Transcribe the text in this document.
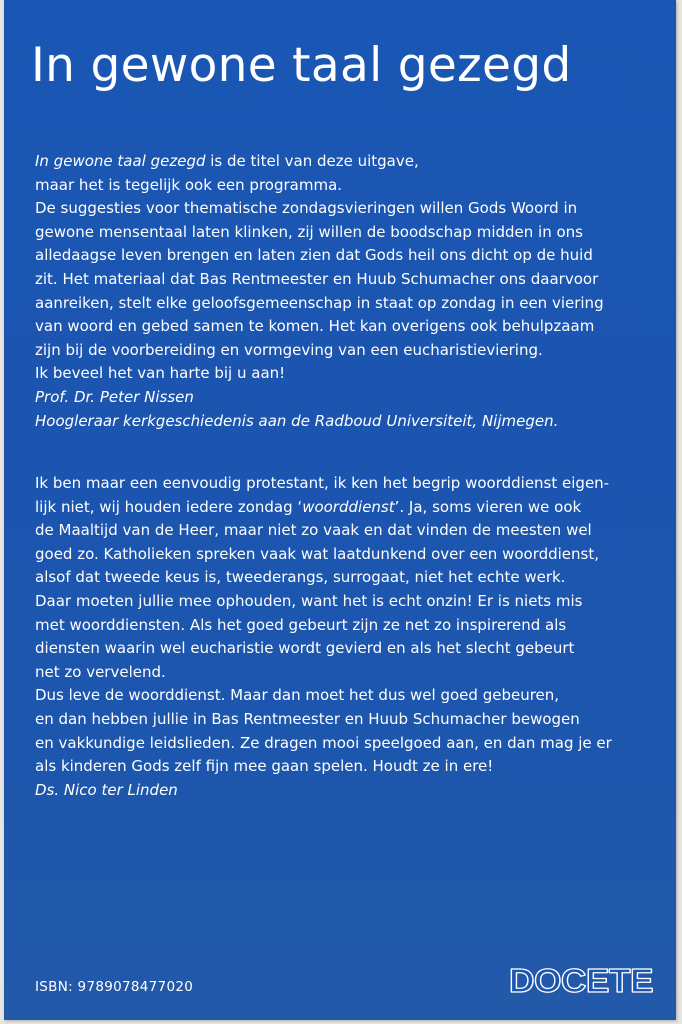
In gewone taal gezegd

In gewone taal gezegd is de titel van deze uitgave,
maar het is tegelijk ook een programma.
De suggesties voor thematische zondagsvieringen willen Gods Woord in
gewone mensentaal laten klinken, zij willen de boodschap midden in ons
alledaagse leven brengen en laten zien dat Gods heil ons dicht op de huid
zit. Het materiaal dat Bas Rentmeester en Huub Schumacher ons daarvoor
aanreiken, stelt elke geloofsgemeenschap in staat op zondag in een viering
van woord en gebed samen te komen. Het kan overigens ook behulpzaam
zijn bij de voorbereiding en vormgeving van een eucharistieviering.
Ik beveel het van harte bij u aan!
Prof. Dr. Peter Nissen
Hoogleraar kerkgeschiedenis aan de Radboud Universiteit, Nijmegen.

Ik ben maar een eenvoudig protestant, ik ken het begrip woorddienst eigen-
lijk niet, wij houden iedere zondag ‘woorddienst’. Ja, soms vieren we ook
de Maaltijd van de Heer, maar niet zo vaak en dat vinden de meesten wel
goed zo. Katholieken spreken vaak wat laatdunkend over een woorddienst,
alsof dat tweede keus is, tweederangs, surrogaat, niet het echte werk.
Daar moeten jullie mee ophouden, want het is echt onzin! Er is niets mis
met woorddiensten. Als het goed gebeurt zijn ze net zo inspirerend als
diensten waarin wel eucharistie wordt gevierd en als het slecht gebeurt
net zo vervelend.
Dus leve de woorddienst. Maar dan moet het dus wel goed gebeuren,
en dan hebben jullie in Bas Rentmeester en Huub Schumacher bewogen
en vakkundige leidslieden. Ze dragen mooi speelgoed aan, en dan mag je er
als kinderen Gods zelf fijn mee gaan spelen. Houdt ze in ere!
Ds. Nico ter Linden

ISBN: 9789078477020	DOCETE
